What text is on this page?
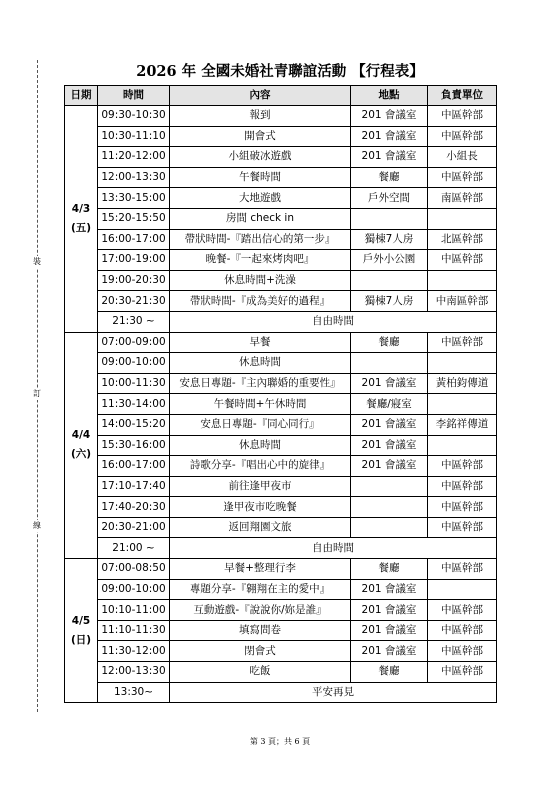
裝
訂
線
2026 年 全國未婚社青聯誼活動 【行程表】
日期	時間	內容	地點	負責單位

4/3
(五)	09:30-10:30	報到	201 會議室	中區幹部
	10:30-11:10	開會式	201 會議室	中區幹部
	11:20-12:00	小組破冰遊戲	201 會議室	小組長
	12:00-13:30	午餐時間	餐廳	中區幹部
	13:30-15:00	大地遊戲	戶外空間	南區幹部
	15:20-15:50	房間 check in		
	16:00-17:00	帶狀時間-『踏出信心的第一步』	獨棟7人房	北區幹部
	17:00-19:00	晚餐-『一起來烤肉吧』	戶外小公園	中區幹部
	19:00-20:30	休息時間+洗澡		
	20:30-21:30	帶狀時間-『成為美好的過程』	獨棟7人房	中南區幹部
	21:30 ~	自由時間		

4/4
(六)	07:00-09:00	早餐	餐廳	中區幹部
	09:00-10:00	休息時間		
	10:00-11:30	安息日專題-『主內聯婚的重要性』	201 會議室	黃柏鈞傳道
	11:30-14:00	午餐時間+午休時間	餐廳/寢室	
	14:00-15:20	安息日專題-『同心同行』	201 會議室	李銘祥傳道
	15:30-16:00	休息時間	201 會議室	
	16:00-17:00	詩歌分享-『唱出心中的旋律』	201 會議室	中區幹部
	17:10-17:40	前往逢甲夜市		中區幹部
	17:40-20:30	逢甲夜市吃晚餐		中區幹部
	20:30-21:00	返回翔園文旅		中區幹部
	21:00 ~	自由時間		

4/5
(日)	07:00-08:50	早餐+整理行李	餐廳	中區幹部
	09:00-10:00	專題分享-『翱翔在主的愛中』	201 會議室	
	10:10-11:00	互動遊戲-『說說你/妳是誰』	201 會議室	中區幹部
	11:10-11:30	填寫問卷	201 會議室	中區幹部
	11:30-12:00	閉會式	201 會議室	中區幹部
	12:00-13:30	吃飯	餐廳	中區幹部
	13:30~	平安再見		
第 3 頁；共 6 頁
